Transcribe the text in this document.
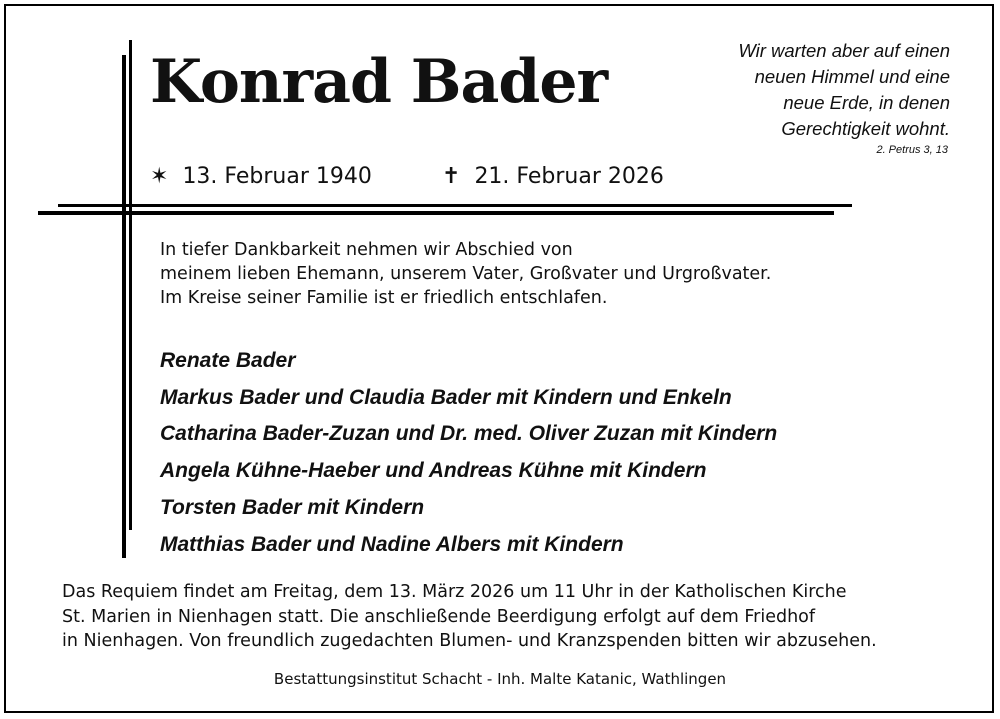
Konrad Bader
✶ 13. Februar 1940	✝ 21. Februar 2026
Wir warten aber auf einen
neuen Himmel und eine
neue Erde, in denen
Gerechtigkeit wohnt.
2. Petrus 3, 13
In tiefer Dankbarkeit nehmen wir Abschied von
meinem lieben Ehemann, unserem Vater, Großvater und Urgroßvater.
Im Kreise seiner Familie ist er friedlich entschlafen.
Renate Bader
Markus Bader und Claudia Bader mit Kindern und Enkeln
Catharina Bader-Zuzan und Dr. med. Oliver Zuzan mit Kindern
Angela Kühne-Haeber und Andreas Kühne mit Kindern
Torsten Bader mit Kindern
Matthias Bader und Nadine Albers mit Kindern
Das Requiem findet am Freitag, dem 13. März 2026 um 11 Uhr in der Katholischen Kirche
St. Marien in Nienhagen statt. Die anschließende Beerdigung erfolgt auf dem Friedhof
in Nienhagen. Von freundlich zugedachten Blumen- und Kranzspenden bitten wir abzusehen.
Bestattungsinstitut Schacht - Inh. Malte Katanic, Wathlingen
